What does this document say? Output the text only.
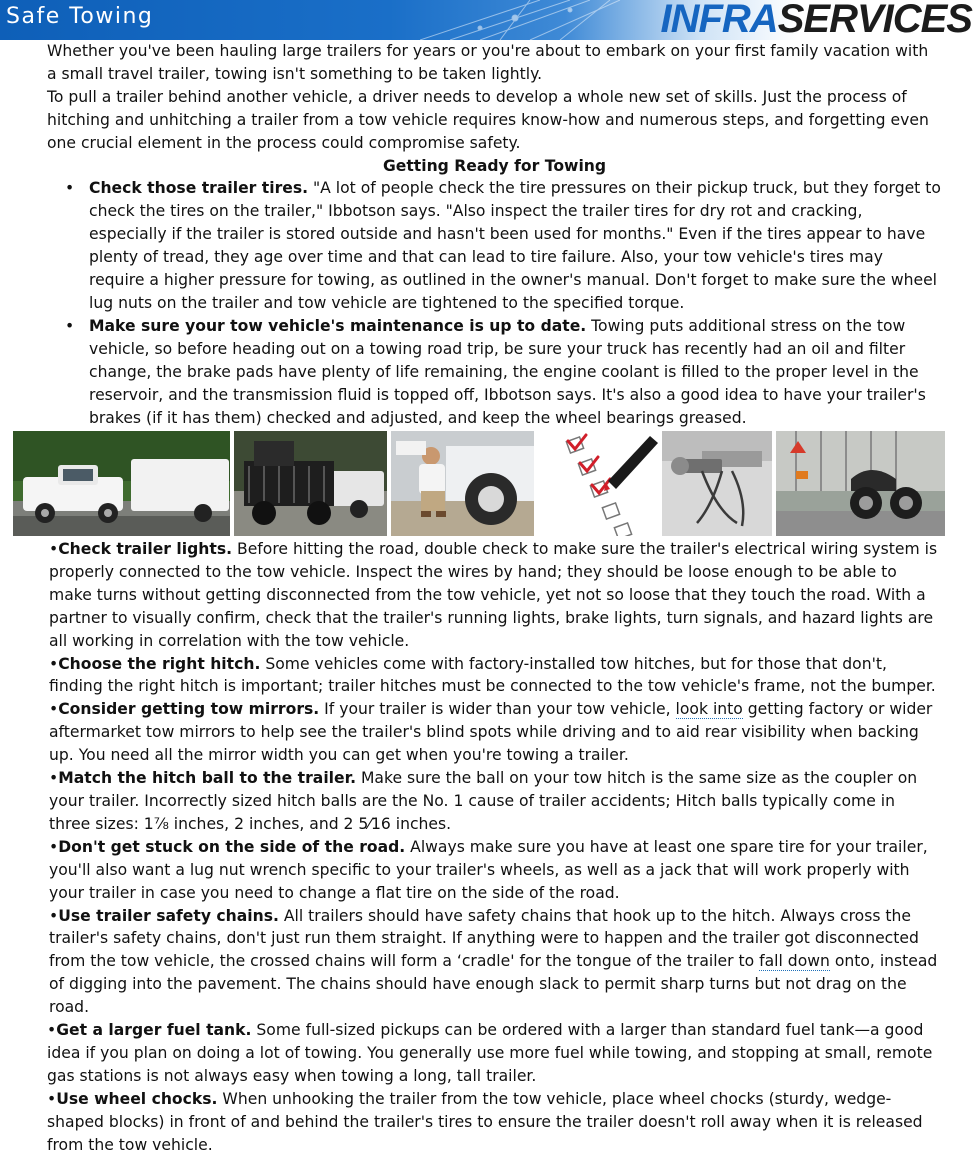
Safe Towing	INFRASERVICES

Whether you've been hauling large trailers for years or you're about to embark on your first family vacation with a small travel trailer, towing isn't something to be taken lightly.

To pull a trailer behind another vehicle, a driver needs to develop a whole new set of skills. Just the process of hitching and unhitching a trailer from a tow vehicle requires know-how and numerous steps, and forgetting even one crucial element in the process could compromise safety.

Getting Ready for Towing

• Check those trailer tires. "A lot of people check the tire pressures on their pickup truck, but they forget to check the tires on the trailer," Ibbotson says. "Also inspect the trailer tires for dry rot and cracking, especially if the trailer is stored outside and hasn't been used for months." Even if the tires appear to have plenty of tread, they age over time and that can lead to tire failure. Also, your tow vehicle's tires may require a higher pressure for towing, as outlined in the owner's manual. Don't forget to make sure the wheel lug nuts on the trailer and tow vehicle are tightened to the specified torque.
• Make sure your tow vehicle's maintenance is up to date. Towing puts additional stress on the tow vehicle, so before heading out on a towing road trip, be sure your truck has recently had an oil and filter change, the brake pads have plenty of life remaining, the engine coolant is filled to the proper level in the reservoir, and the transmission fluid is topped off, Ibbotson says. It's also a good idea to have your trailer's brakes (if it has them) checked and adjusted, and keep the wheel bearings greased.

•Check trailer lights. Before hitting the road, double check to make sure the trailer's electrical wiring system is properly connected to the tow vehicle. Inspect the wires by hand; they should be loose enough to be able to make turns without getting disconnected from the tow vehicle, yet not so loose that they touch the road. With a partner to visually confirm, check that the trailer's running lights, brake lights, turn signals, and hazard lights are all working in correlation with the tow vehicle.

•Choose the right hitch. Some vehicles come with factory-installed tow hitches, but for those that don't, finding the right hitch is important; trailer hitches must be connected to the tow vehicle's frame, not the bumper.

•Consider getting tow mirrors. If your trailer is wider than your tow vehicle, look into getting factory or wider aftermarket tow mirrors to help see the trailer's blind spots while driving and to aid rear visibility when backing up. You need all the mirror width you can get when you're towing a trailer.

•Match the hitch ball to the trailer. Make sure the ball on your tow hitch is the same size as the coupler on your trailer. Incorrectly sized hitch balls are the No. 1 cause of trailer accidents; Hitch balls typically come in three sizes: 1⅞ inches, 2 inches, and 2 5⁄16 inches.

•Don't get stuck on the side of the road. Always make sure you have at least one spare tire for your trailer, you'll also want a lug nut wrench specific to your trailer's wheels, as well as a jack that will work properly with your trailer in case you need to change a flat tire on the side of the road.

•Use trailer safety chains. All trailers should have safety chains that hook up to the hitch. Always cross the trailer's safety chains, don't just run them straight. If anything were to happen and the trailer got disconnected from the tow vehicle, the crossed chains will form a ‘cradle' for the tongue of the trailer to fall down onto, instead of digging into the pavement. The chains should have enough slack to permit sharp turns but not drag on the road.

•Get a larger fuel tank. Some full-sized pickups can be ordered with a larger than standard fuel tank—a good idea if you plan on doing a lot of towing. You generally use more fuel while towing, and stopping at small, remote gas stations is not always easy when towing a long, tall trailer.

•Use wheel chocks. When unhooking the trailer from the tow vehicle, place wheel chocks (sturdy, wedge-shaped blocks) in front of and behind the trailer's tires to ensure the trailer doesn't roll away when it is released from the tow vehicle.
